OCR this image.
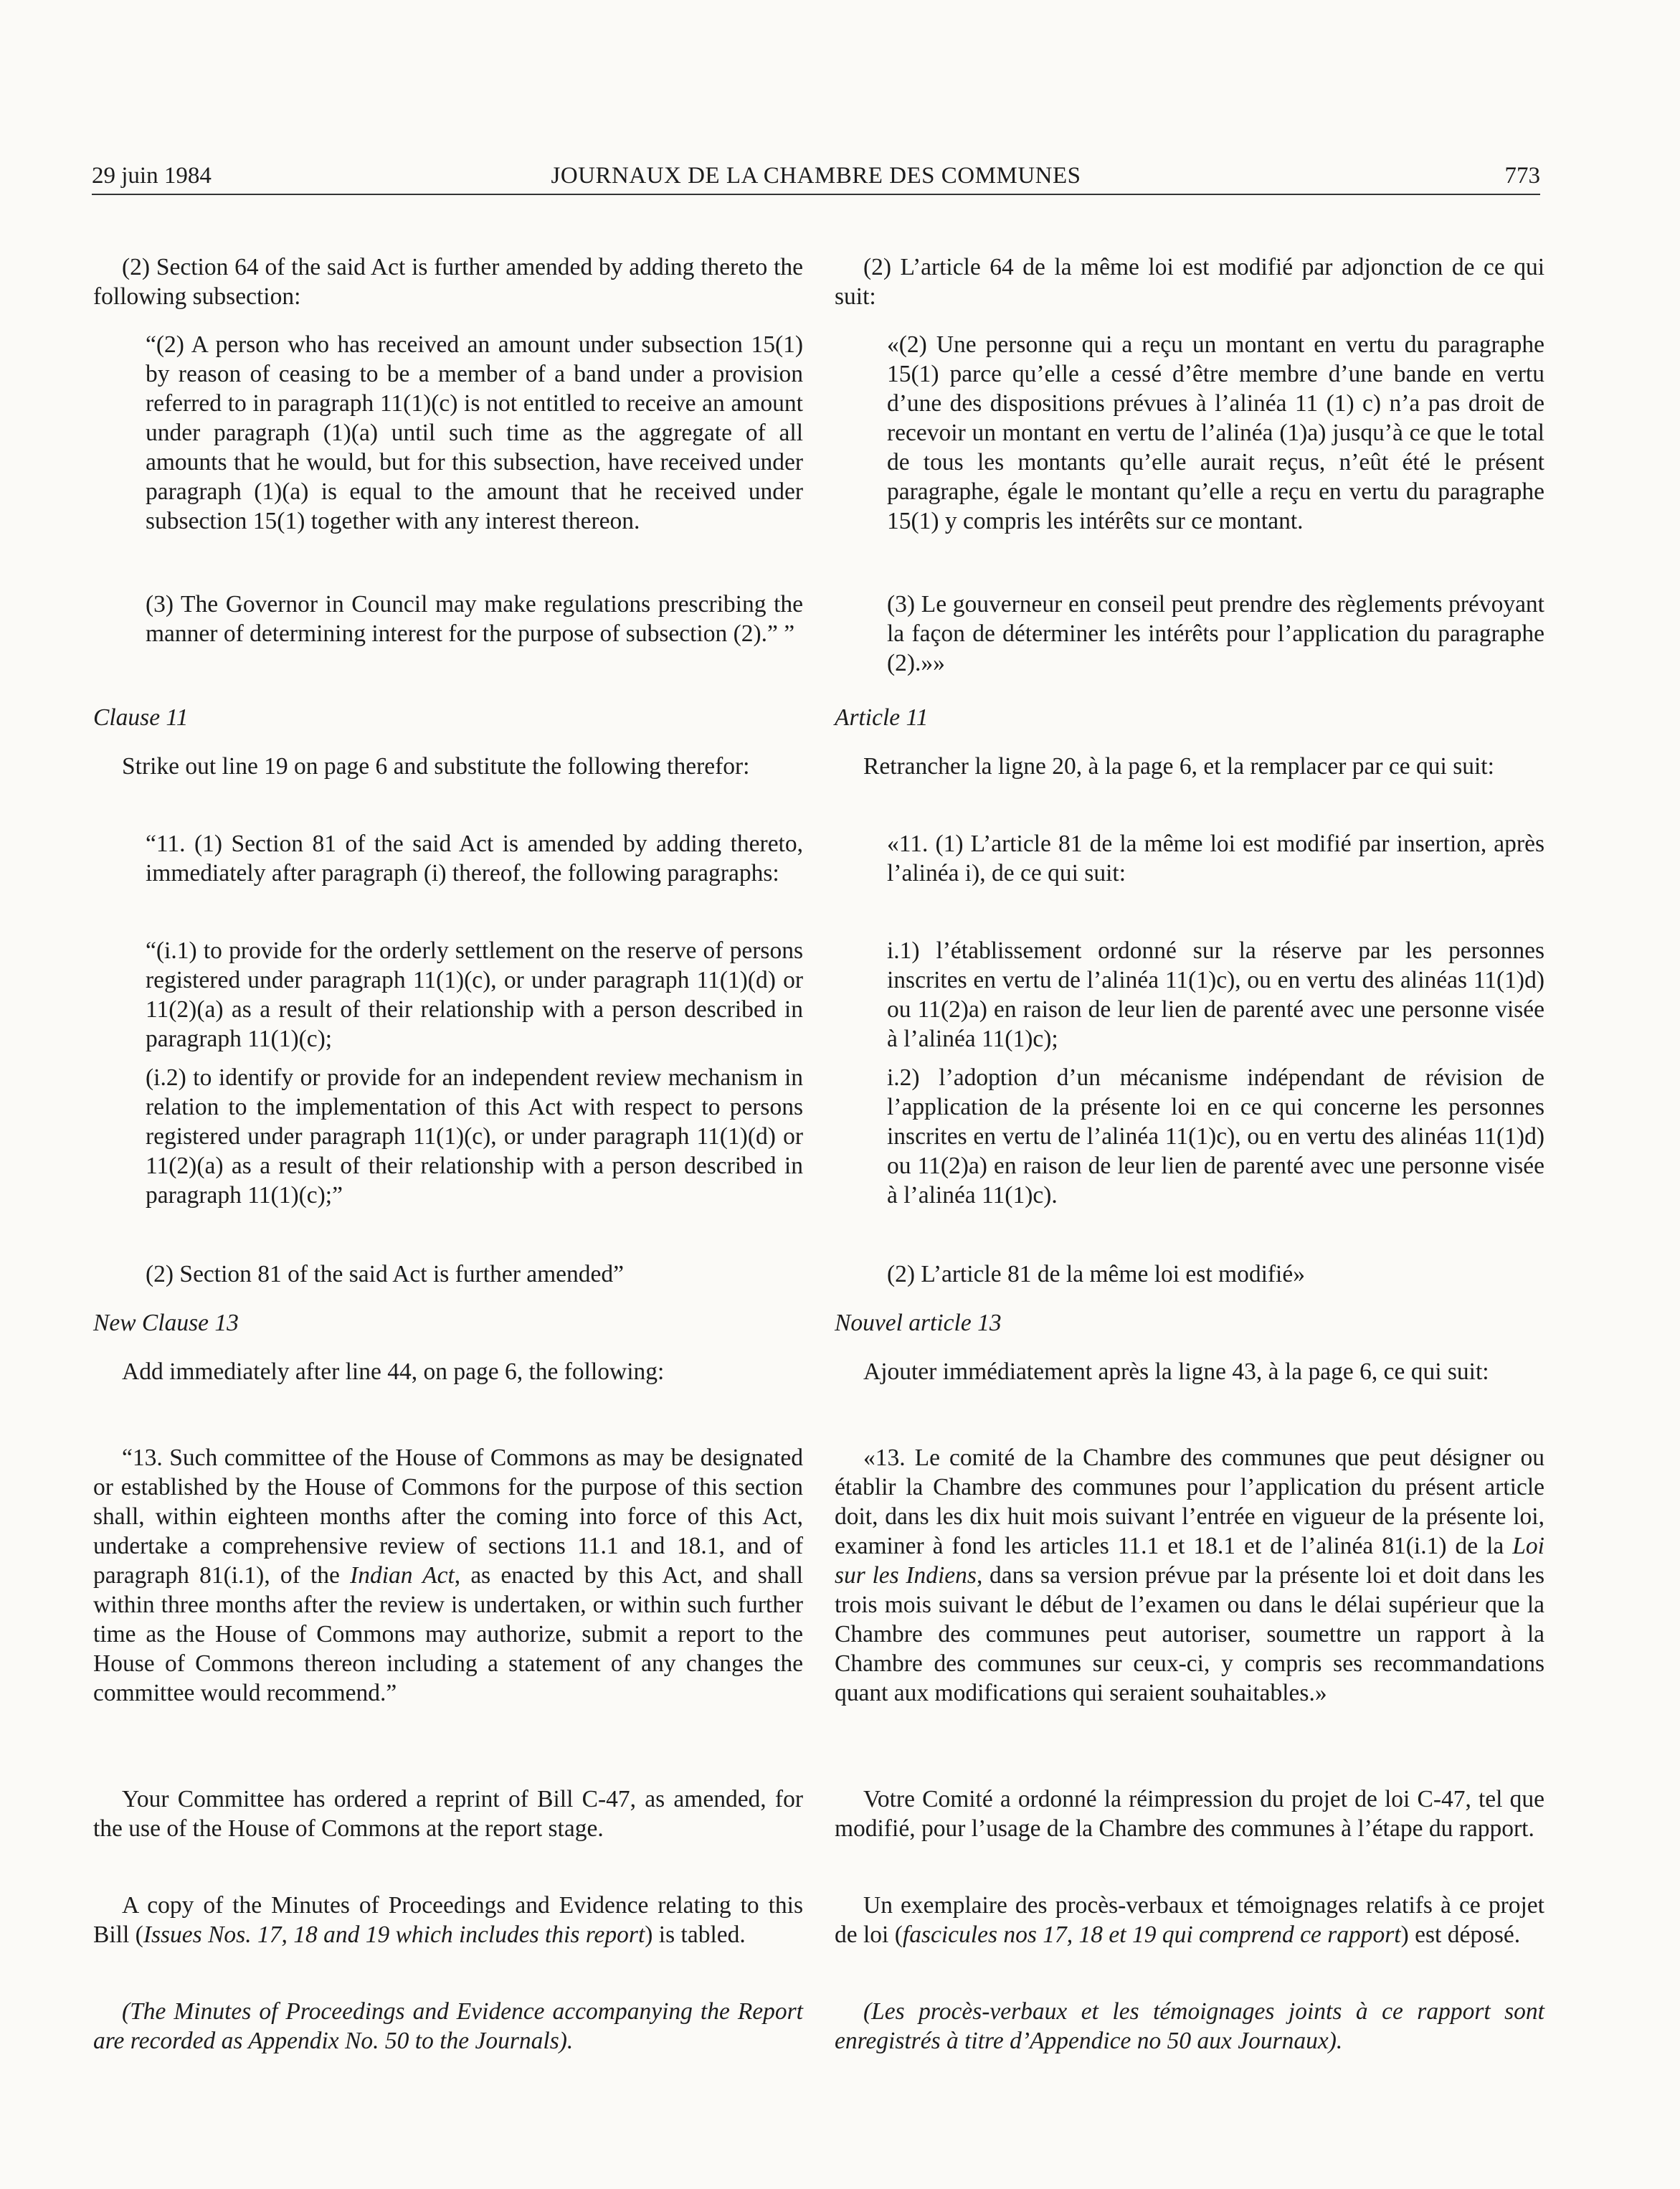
29 juin 1984	JOURNAUX DE LA CHAMBRE DES COMMUNES	773

(2) Section 64 of the said Act is further amended by adding thereto the following subsection:

“(2) A person who has received an amount under subsection 15(1) by reason of ceasing to be a member of a band under a provision referred to in paragraph 11(1)(c) is not entitled to receive an amount under paragraph (1)(a) until such time as the aggregate of all amounts that he would, but for this subsection, have received under paragraph (1)(a) is equal to the amount that he received under subsection 15(1) together with any interest thereon.

(3) The Governor in Council may make regulations prescribing the manner of determining interest for the purpose of subsection (2).” ”

Clause 11

Strike out line 19 on page 6 and substitute the following therefor:

“11. (1) Section 81 of the said Act is amended by adding thereto, immediately after paragraph (i) thereof, the following paragraphs:

“(i.1) to provide for the orderly settlement on the reserve of persons registered under paragraph 11(1)(c), or under paragraph 11(1)(d) or 11(2)(a) as a result of their relationship with a person described in paragraph 11(1)(c);

(i.2) to identify or provide for an independent review mechanism in relation to the implementation of this Act with respect to persons registered under paragraph 11(1)(c), or under paragraph 11(1)(d) or 11(2)(a) as a result of their relationship with a person described in paragraph 11(1)(c);”

(2) Section 81 of the said Act is further amended”

New Clause 13

Add immediately after line 44, on page 6, the following:

“13. Such committee of the House of Commons as may be designated or established by the House of Commons for the purpose of this section shall, within eighteen months after the coming into force of this Act, undertake a comprehensive review of sections 11.1 and 18.1, and of paragraph 81(i.1), of the Indian Act, as enacted by this Act, and shall within three months after the review is undertaken, or within such further time as the House of Commons may authorize, submit a report to the House of Commons thereon including a statement of any changes the committee would recommend.”

Your Committee has ordered a reprint of Bill C-47, as amended, for the use of the House of Commons at the report stage.

A copy of the Minutes of Proceedings and Evidence relating to this Bill (Issues Nos. 17, 18 and 19 which includes this report) is tabled.

(The Minutes of Proceedings and Evidence accompanying the Report are recorded as Appendix No. 50 to the Journals).

(2) L’article 64 de la même loi est modifié par adjonction de ce qui suit:

«(2) Une personne qui a reçu un montant en vertu du paragraphe 15(1) parce qu’elle a cessé d’être membre d’une bande en vertu d’une des dispositions prévues à l’alinéa 11 (1) c) n’a pas droit de recevoir un montant en vertu de l’alinéa (1)a) jusqu’à ce que le total de tous les montants qu’elle aurait reçus, n’eût été le présent paragraphe, égale le montant qu’elle a reçu en vertu du paragraphe 15(1) y compris les intérêts sur ce montant.

(3) Le gouverneur en conseil peut prendre des règlements prévoyant la façon de déterminer les intérêts pour l’application du paragraphe (2).»»

Article 11

Retrancher la ligne 20, à la page 6, et la remplacer par ce qui suit:

«11. (1) L’article 81 de la même loi est modifié par insertion, après l’alinéa i), de ce qui suit:

i.1) l’établissement ordonné sur la réserve par les personnes inscrites en vertu de l’alinéa 11(1)c), ou en vertu des alinéas 11(1)d) ou 11(2)a) en raison de leur lien de parenté avec une personne visée à l’alinéa 11(1)c);

i.2) l’adoption d’un mécanisme indépendant de révision de l’application de la présente loi en ce qui concerne les personnes inscrites en vertu de l’alinéa 11(1)c), ou en vertu des alinéas 11(1)d) ou 11(2)a) en raison de leur lien de parenté avec une personne visée à l’alinéa 11(1)c).

(2) L’article 81 de la même loi est modifié»

Nouvel article 13

Ajouter immédiatement après la ligne 43, à la page 6, ce qui suit:

«13. Le comité de la Chambre des communes que peut désigner ou établir la Chambre des communes pour l’application du présent article doit, dans les dix huit mois suivant l’entrée en vigueur de la présente loi, examiner à fond les articles 11.1 et 18.1 et de l’alinéa 81(i.1) de la Loi sur les Indiens, dans sa version prévue par la présente loi et doit dans les trois mois suivant le début de l’examen ou dans le délai supérieur que la Chambre des communes peut autoriser, soumettre un rapport à la Chambre des communes sur ceux-ci, y compris ses recommandations quant aux modifications qui seraient souhaitables.»

Votre Comité a ordonné la réimpression du projet de loi C-47, tel que modifié, pour l’usage de la Chambre des communes à l’étape du rapport.

Un exemplaire des procès-verbaux et témoignages relatifs à ce projet de loi (fascicules nos 17, 18 et 19 qui comprend ce rapport) est déposé.

(Les procès-verbaux et les témoignages joints à ce rapport sont enregistrés à titre d’Appendice no 50 aux Journaux).
